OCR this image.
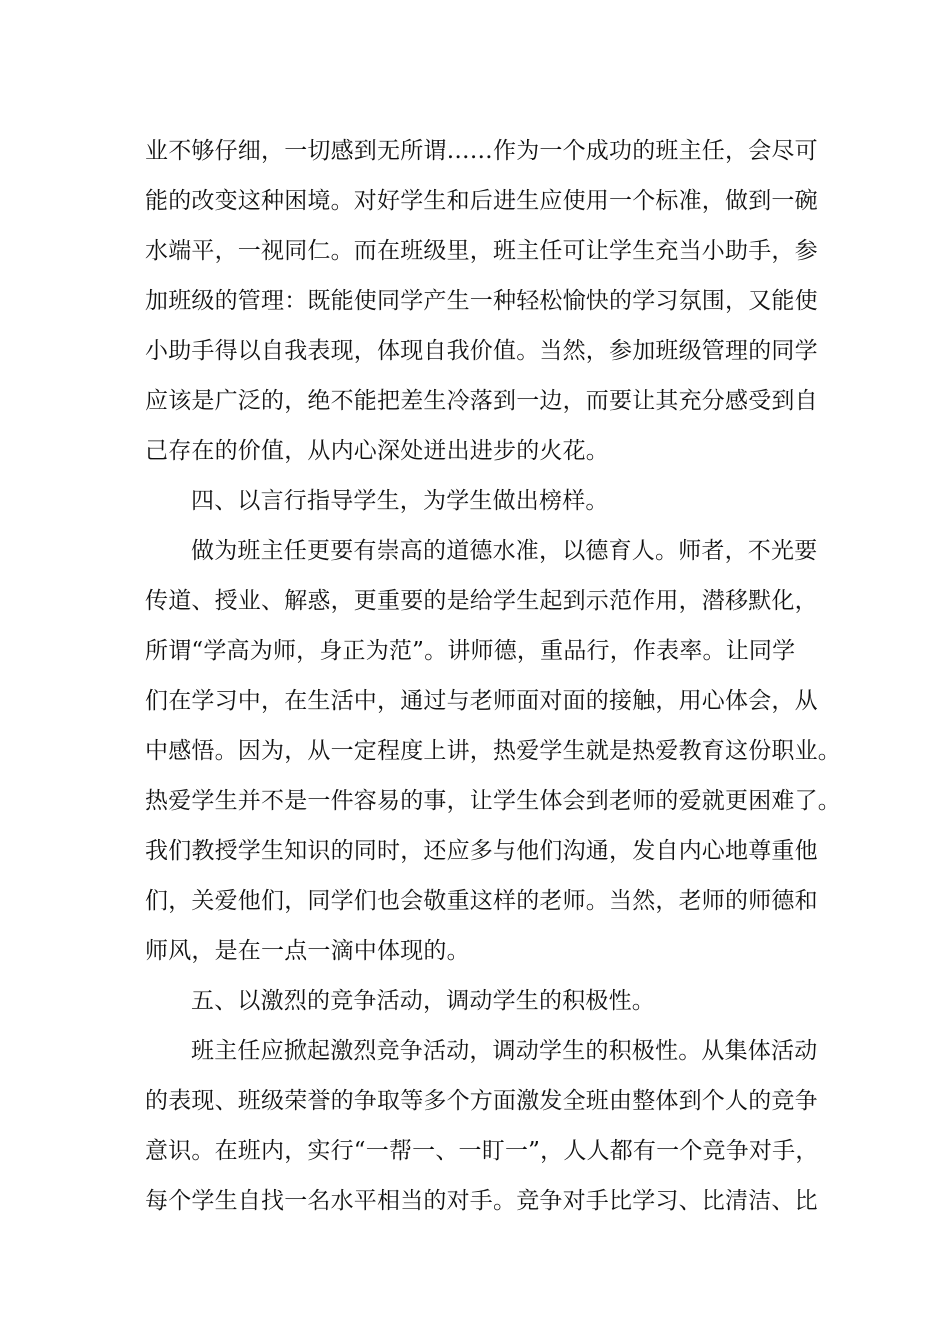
业不够仔细，一切感到无所谓……作为一个成功的班主任，会尽可
能的改变这种困境。对好学生和后进生应使用一个标准，做到一碗
水端平，一视同仁。而在班级里，班主任可让学生充当小助手，参
加班级的管理：既能使同学产生一种轻松愉快的学习氛围，又能使
小助手得以自我表现，体现自我价值。当然，参加班级管理的同学
应该是广泛的，绝不能把差生冷落到一边，而要让其充分感受到自
己存在的价值，从内心深处迸出进步的火花。
四、以言行指导学生，为学生做出榜样。
做为班主任更要有崇高的道德水准，以德育人。师者，不光要
传道、授业、解惑，更重要的是给学生起到示范作用，潜移默化，
所谓“学高为师，身正为范”。讲师德，重品行，作表率。让同学
们在学习中，在生活中，通过与老师面对面的接触，用心体会，从
中感悟。因为，从一定程度上讲，热爱学生就是热爱教育这份职业。
热爱学生并不是一件容易的事，让学生体会到老师的爱就更困难了。
我们教授学生知识的同时，还应多与他们沟通，发自内心地尊重他
们，关爱他们，同学们也会敬重这样的老师。当然，老师的师德和
师风，是在一点一滴中体现的。
五、以激烈的竞争活动，调动学生的积极性。
班主任应掀起激烈竞争活动，调动学生的积极性。从集体活动
的表现、班级荣誉的争取等多个方面激发全班由整体到个人的竞争
意识。在班内，实行“一帮一、一盯一”，人人都有一个竞争对手，
每个学生自找一名水平相当的对手。竞争对手比学习、比清洁、比
